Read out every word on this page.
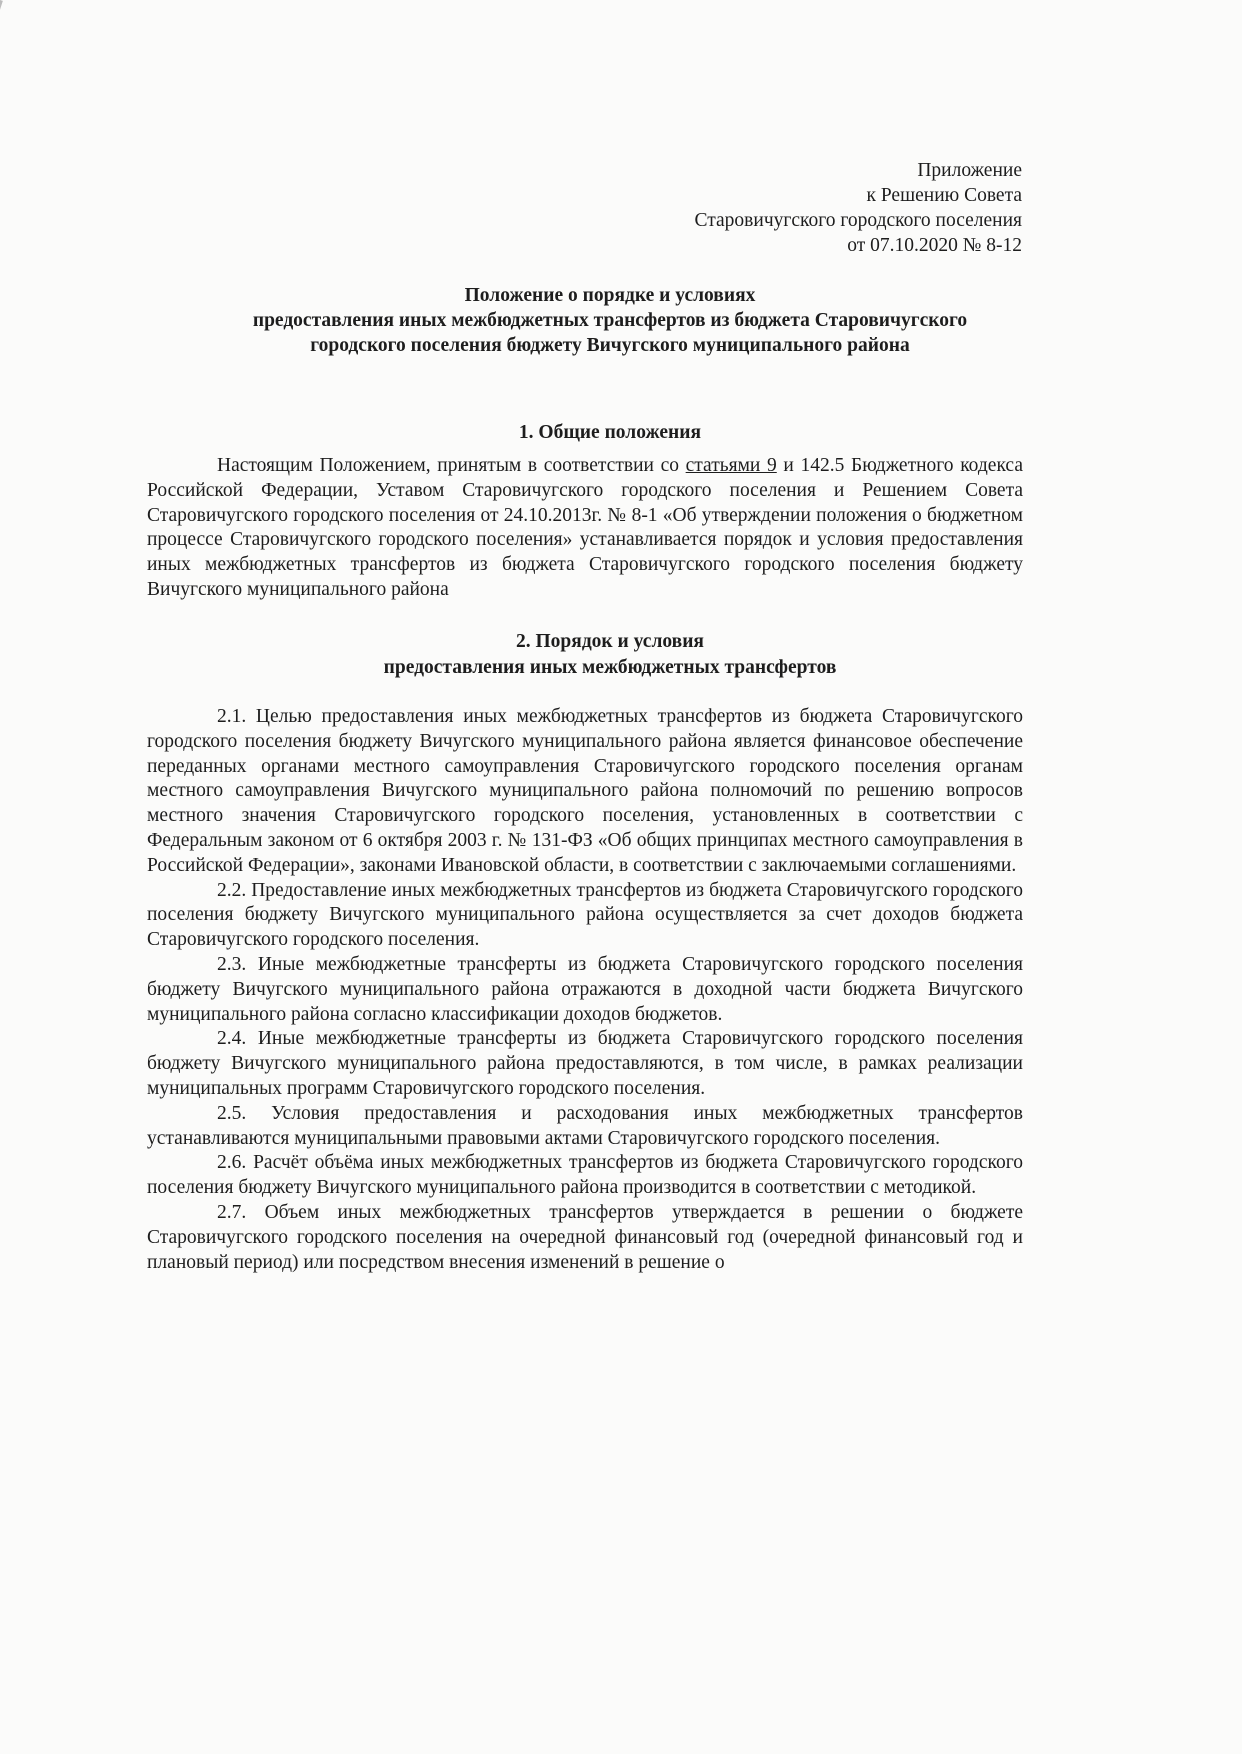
Приложение
к Решению Совета
Старовичугского городского поселения
от 07.10.2020 № 8-12
Положение о порядке и условиях
предоставления иных межбюджетных трансфертов из бюджета Старовичугского
городского поселения бюджету Вичугского муниципального района
1. Общие положения

Настоящим Положением, принятым в соответствии со статьями 9 и 142.5 Бюджетного кодекса Российской Федерации, Уставом Старовичугского городского поселения и Решением Совета Старовичугского городского поселения от 24.10.2013г. № 8-1 «Об утверждении положения о бюджетном процессе Старовичугского городского поселения» устанавливается порядок и условия предоставления иных межбюджетных трансфертов из бюджета Старовичугского городского поселения бюджету Вичугского муниципального района

2. Порядок и условия
предоставления иных межбюджетных трансфертов

2.1. Целью предоставления иных межбюджетных трансфертов из бюджета Старовичугского городского поселения бюджету Вичугского муниципального района является финансовое обеспечение переданных органами местного самоуправления Старовичугского городского поселения органам местного самоуправления Вичугского муниципального района полномочий по решению вопросов местного значения Старовичугского городского поселения, установленных в соответствии с Федеральным законом от 6 октября 2003 г. № 131-ФЗ «Об общих принципах местного самоуправления в Российской Федерации», законами Ивановской области, в соответствии с заключаемыми соглашениями.

2.2. Предоставление иных межбюджетных трансфертов из бюджета Старовичугского городского поселения бюджету Вичугского муниципального района осуществляется за счет доходов бюджета Старовичугского городского поселения.

2.3. Иные межбюджетные трансферты из бюджета Старовичугского городского поселения бюджету Вичугского муниципального района отражаются в доходной части бюджета Вичугского муниципального района согласно классификации доходов бюджетов.

2.4. Иные межбюджетные трансферты из бюджета Старовичугского городского поселения бюджету Вичугского муниципального района предоставляются, в том числе, в рамках реализации муниципальных программ Старовичугского городского поселения.

2.5. Условия предоставления и расходования иных межбюджетных трансфертов устанавливаются муниципальными правовыми актами Старовичугского городского поселения.

2.6. Расчёт объёма иных межбюджетных трансфертов из бюджета Старовичугского городского поселения бюджету Вичугского муниципального района производится в соответствии с методикой.

2.7. Объем иных межбюджетных трансфертов утверждается в решении о бюджете Старовичугского городского поселения на очередной финансовый год (очередной финансовый год и плановый период) или посредством внесения изменений в решение о
